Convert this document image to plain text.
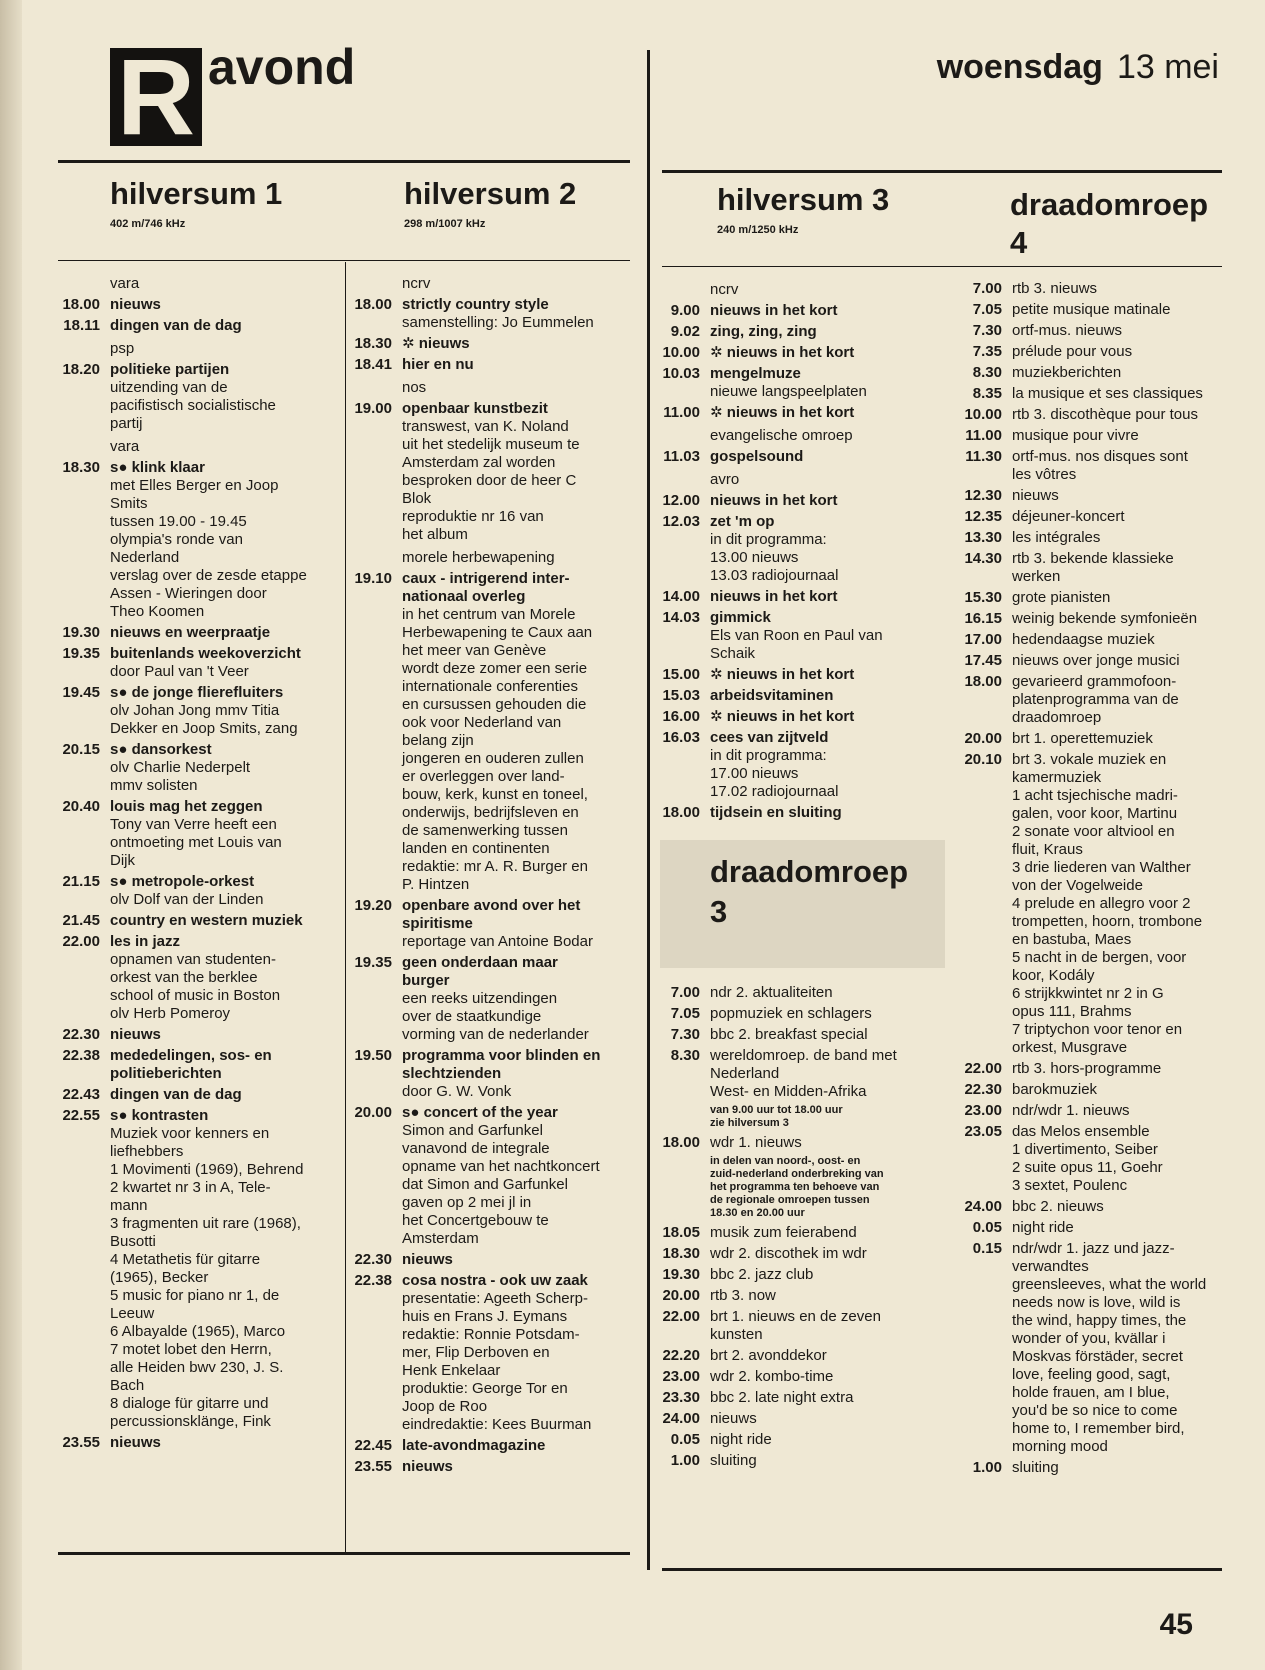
R avond	woensdag 13 mei
hilversum 1
402 m/746 kHz
hilversum 2
298 m/1007 kHz
hilversum 3
240 m/1250 kHz
draadomroep
4
draadomroep
3
vara
18.00 nieuws
18.11 dingen van de dag
psp
18.20 politieke partijen
uitzending van de
pacifistisch socialistische
partij
vara
18.30 s● klink klaar
met Elles Berger en Joop
Smits
tussen 19.00 - 19.45
olympia's ronde van
Nederland
verslag over de zesde etappe
Assen - Wieringen door
Theo Koomen
19.30 nieuws en weerpraatje
19.35 buitenlands weekoverzicht
door Paul van 't Veer
19.45 s● de jonge flierefluiters
olv Johan Jong mmv Titia
Dekker en Joop Smits, zang
20.15 s● dansorkest
olv Charlie Nederpelt
mmv solisten
20.40 louis mag het zeggen
Tony van Verre heeft een
ontmoeting met Louis van
Dijk
21.15 s● metropole-orkest
olv Dolf van der Linden
21.45 country en western muziek
22.00 les in jazz
opnamen van studenten-
orkest van the berklee
school of music in Boston
olv Herb Pomeroy
22.30 nieuws
22.38 mededelingen, sos- en
politieberichten
22.43 dingen van de dag
22.55 s● kontrasten
Muziek voor kenners en
liefhebbers
1 Movimenti (1969), Behrend
2 kwartet nr 3 in A, Tele-
mann
3 fragmenten uit rare (1968),
Busotti
4 Metathetis für gitarre
(1965), Becker
5 music for piano nr 1, de
Leeuw
6 Albayalde (1965), Marco
7 motet lobet den Herrn,
alle Heiden bwv 230, J. S.
Bach
8 dialoge für gitarre und
percussionsklänge, Fink
23.55 nieuws
ncrv
18.00 strictly country style
samenstelling: Jo Eummelen
18.30 ✲ nieuws
18.41 hier en nu
nos
19.00 openbaar kunstbezit
transwest, van K. Noland
uit het stedelijk museum te
Amsterdam zal worden
besproken door de heer C
Blok
reproduktie nr 16 van
het album
morele herbewapening
19.10 caux - intrigerend inter-
nationaal overleg
in het centrum van Morele
Herbewapening te Caux aan
het meer van Genève
wordt deze zomer een serie
internationale conferenties
en cursussen gehouden die
ook voor Nederland van
belang zijn
jongeren en ouderen zullen
er overleggen over land-
bouw, kerk, kunst en toneel,
onderwijs, bedrijfsleven en
de samenwerking tussen
landen en continenten
redaktie: mr A. R. Burger en
P. Hintzen
19.20 openbare avond over het
spiritisme
reportage van Antoine Bodar
19.35 geen onderdaan maar
burger
een reeks uitzendingen
over de staatkundige
vorming van de nederlander
19.50 programma voor blinden en
slechtzienden
door G. W. Vonk
20.00 s● concert of the year
Simon and Garfunkel
vanavond de integrale
opname van het nachtkoncert
dat Simon and Garfunkel
gaven op 2 mei jl in
het Concertgebouw te
Amsterdam
22.30 nieuws
22.38 cosa nostra - ook uw zaak
presentatie: Ageeth Scherp-
huis en Frans J. Eymans
redaktie: Ronnie Potsdam-
mer, Flip Derboven en
Henk Enkelaar
produktie: George Tor en
Joop de Roo
eindredaktie: Kees Buurman
22.45 late-avondmagazine
23.55 nieuws
ncrv
9.00 nieuws in het kort
9.02 zing, zing, zing
10.00 ✲ nieuws in het kort
10.03 mengelmuze
nieuwe langspeelplaten
11.00 ✲ nieuws in het kort
evangelische omroep
11.03 gospelsound
avro
12.00 nieuws in het kort
12.03 zet 'm op
in dit programma:
13.00 nieuws
13.03 radiojournaal
14.00 nieuws in het kort
14.03 gimmick
Els van Roon en Paul van
Schaik
15.00 ✲ nieuws in het kort
15.03 arbeidsvitaminen
16.00 ✲ nieuws in het kort
16.03 cees van zijtveld
in dit programma:
17.00 nieuws
17.02 radiojournaal
18.00 tijdsein en sluiting
7.00 ndr 2. aktualiteiten
7.05 popmuziek en schlagers
7.30 bbc 2. breakfast special
8.30 wereldomroep. de band met
Nederland
West- en Midden-Afrika
van 9.00 uur tot 18.00 uur
zie hilversum 3
18.00 wdr 1. nieuws
in delen van noord-, oost- en
zuid-nederland onderbreking van
het programma ten behoeve van
de regionale omroepen tussen
18.30 en 20.00 uur
18.05 musik zum feierabend
18.30 wdr 2. discothek im wdr
19.30 bbc 2. jazz club
20.00 rtb 3. now
22.00 brt 1. nieuws en de zeven
kunsten
22.20 brt 2. avonddekor
23.00 wdr 2. kombo-time
23.30 bbc 2. late night extra
24.00 nieuws
0.05 night ride
1.00 sluiting
7.00 rtb 3. nieuws
7.05 petite musique matinale
7.30 ortf-mus. nieuws
7.35 prélude pour vous
8.30 muziekberichten
8.35 la musique et ses classiques
10.00 rtb 3. discothèque pour tous
11.00 musique pour vivre
11.30 ortf-mus. nos disques sont
les vôtres
12.30 nieuws
12.35 déjeuner-koncert
13.30 les intégrales
14.30 rtb 3. bekende klassieke
werken
15.30 grote pianisten
16.15 weinig bekende symfonieën
17.00 hedendaagse muziek
17.45 nieuws over jonge musici
18.00 gevarieerd grammofoon-
platenprogramma van de
draadomroep
20.00 brt 1. operettemuziek
20.10 brt 3. vokale muziek en
kamermuziek
1 acht tsjechische madri-
galen, voor koor, Martinu
2 sonate voor altviool en
fluit, Kraus
3 drie liederen van Walther
von der Vogelweide
4 prelude en allegro voor 2
trompetten, hoorn, trombone
en bastuba, Maes
5 nacht in de bergen, voor
koor, Kodály
6 strijkkwintet nr 2 in G
opus 111, Brahms
7 triptychon voor tenor en
orkest, Musgrave
22.00 rtb 3. hors-programme
22.30 barokmuziek
23.00 ndr/wdr 1. nieuws
23.05 das Melos ensemble
1 divertimento, Seiber
2 suite opus 11, Goehr
3 sextet, Poulenc
24.00 bbc 2. nieuws
0.05 night ride
0.15 ndr/wdr 1. jazz und jazz-
verwandtes
greensleeves, what the world
needs now is love, wild is
the wind, happy times, the
wonder of you, kvällar i
Moskvas förstäder, secret
love, feeling good, sagt,
holde frauen, am I blue,
you'd be so nice to come
home to, I remember bird,
morning mood
1.00 sluiting
45
